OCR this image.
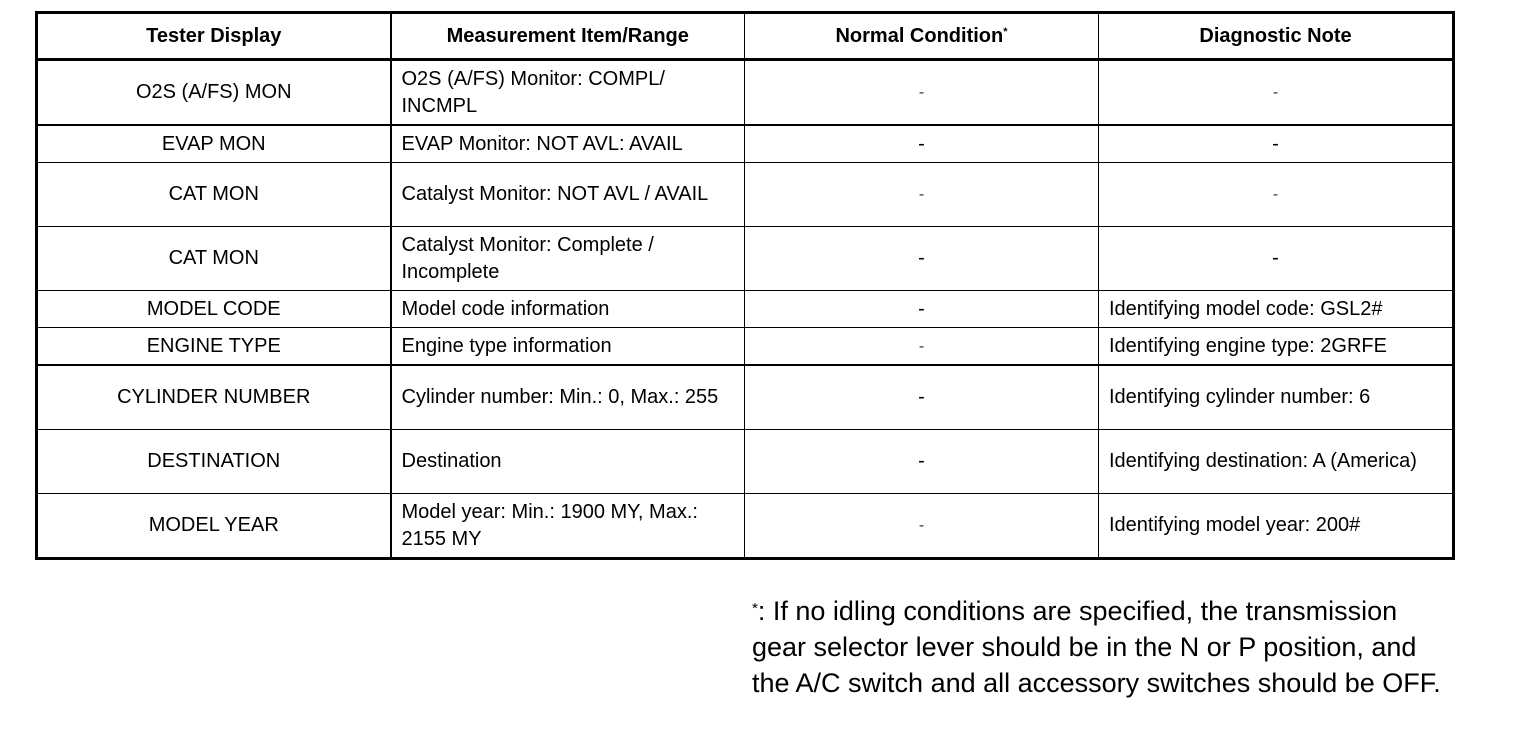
Tester Display	Measurement Item/Range	Normal Condition*	Diagnostic Note
O2S (A/FS) MON	O2S (A/FS) Monitor: COMPL/ INCMPL	-	-
EVAP MON	EVAP Monitor: NOT AVL: AVAIL	-	-
CAT MON	Catalyst Monitor: NOT AVL / AVAIL	-	-
CAT MON	Catalyst Monitor: Complete / Incomplete	-	-
MODEL CODE	Model code information	-	Identifying model code: GSL2#
ENGINE TYPE	Engine type information	-	Identifying engine type: 2GRFE
CYLINDER NUMBER	Cylinder number: Min.: 0, Max.: 255	-	Identifying cylinder number: 6
DESTINATION	Destination	-	Identifying destination: A (America)
MODEL YEAR	Model year: Min.: 1900 MY, Max.: 2155 MY	-	Identifying model year: 200#

*: If no idling conditions are specified, the transmission gear selector lever should be in the N or P position, and the A/C switch and all accessory switches should be OFF.
